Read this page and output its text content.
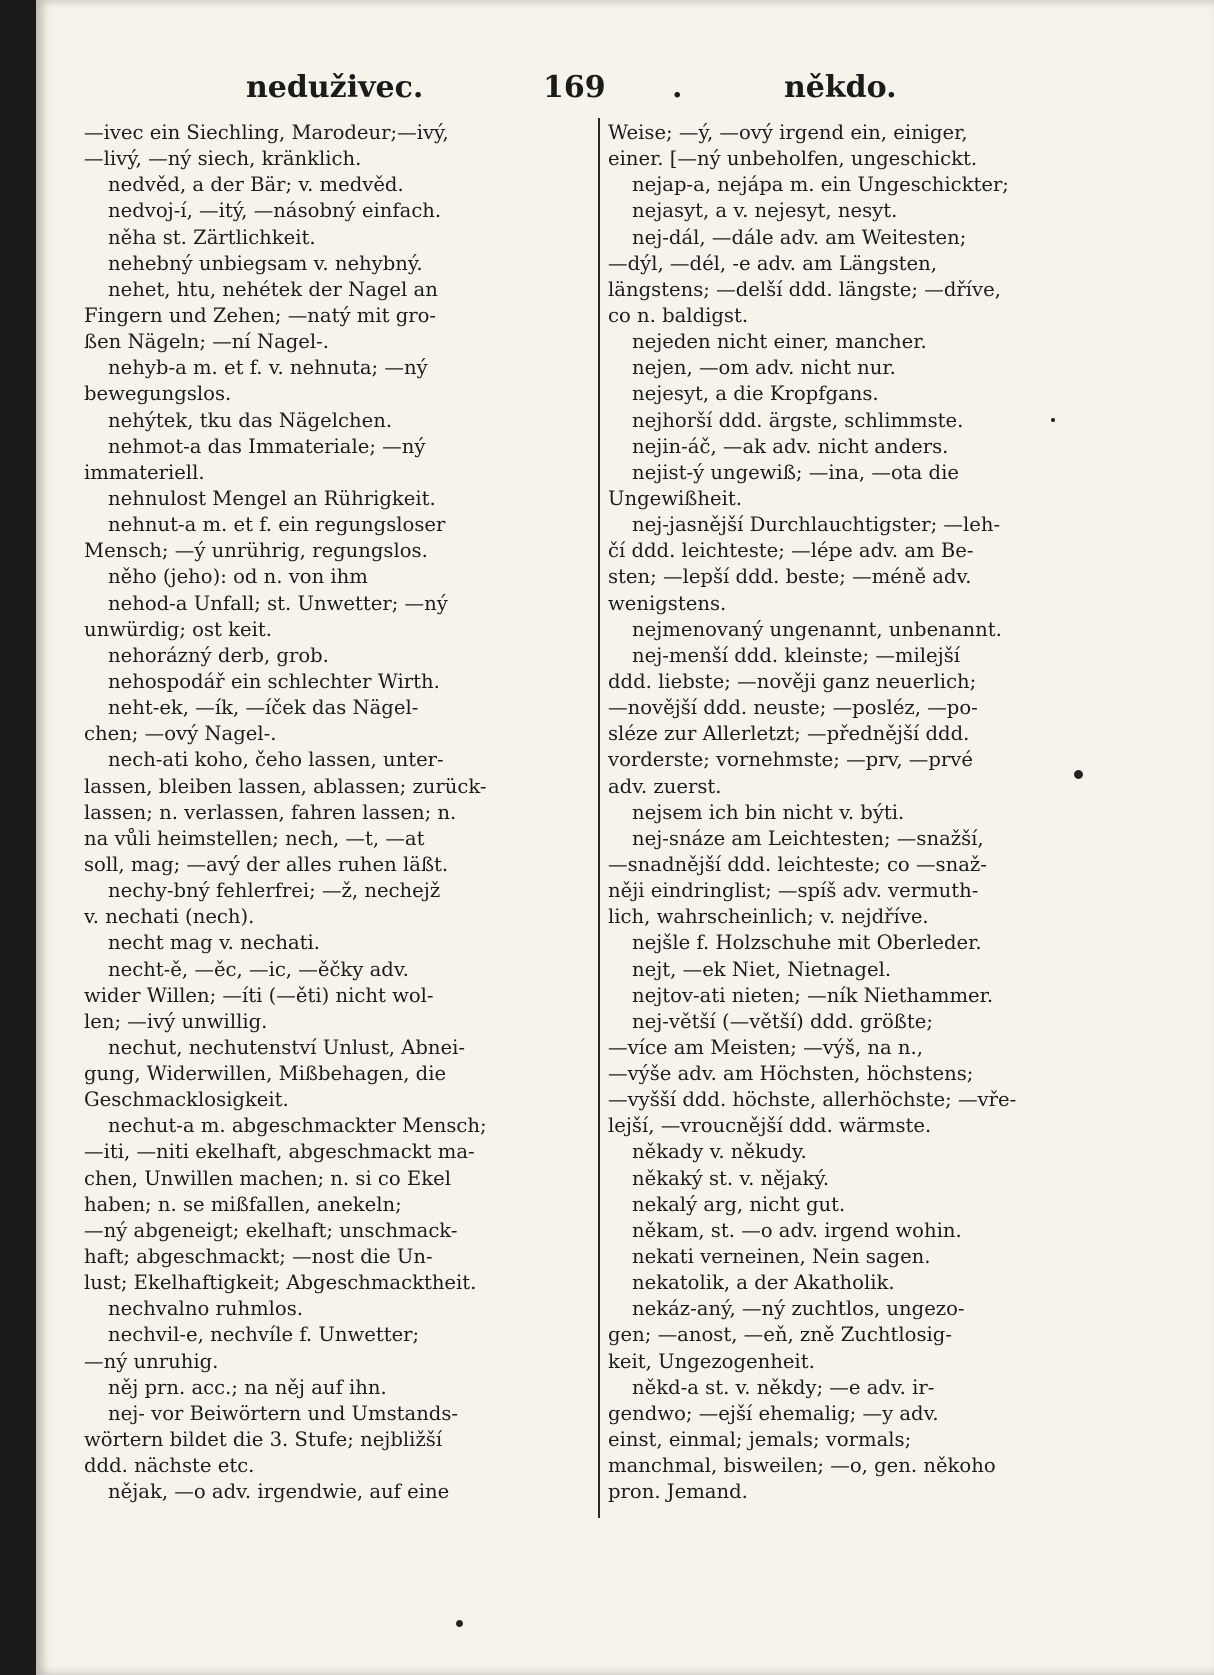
neduživec.	169 .	někdo.
—ivec ein Siechling, Marodeur;—ivý,
—livý, —ný siech, kränklich.
nedvěd, a der Bär; v. medvěd.
nedvoj-í, —itý, —násobný einfach.
něha st. Zärtlichkeit.
nehebný unbiegsam v. nehybný.
nehet, htu, nehétek der Nagel an
Fingern und Zehen; —natý mit gro-
ßen Nägeln; —ní Nagel-.
nehyb-a m. et f. v. nehnuta; —ný
bewegungslos.
nehýtek, tku das Nägelchen.
nehmot-a das Immateriale; —ný
immateriell.
nehnulost Mengel an Rührigkeit.
nehnut-a m. et f. ein regungsloser
Mensch; —ý unrührig, regungslos.
něho (jeho): od n. von ihm
nehod-a Unfall; st. Unwetter; —ný
unwürdig; ost keit.
nehorázný derb, grob.
nehospodář ein schlechter Wirth.
neht-ek, —ík, —íček das Nägel-
chen; —ový Nagel-.
nech-ati koho, čeho lassen, unter-
lassen, bleiben lassen, ablassen; zurück-
lassen; n. verlassen, fahren lassen; n.
na vůli heimstellen; nech, —t, —at
soll, mag; —avý der alles ruhen läßt.
nechy-bný fehlerfrei; —ž, nechejž
v. nechati (nech).
necht mag v. nechati.
necht-ě, —ěc, —ic, —ěčky adv.
wider Willen; —íti (—ěti) nicht wol-
len; —ivý unwillig.
nechut, nechutenství Unlust, Abnei-
gung, Widerwillen, Mißbehagen, die
Geschmacklosigkeit.
nechut-a m. abgeschmackter Mensch;
—iti, —niti ekelhaft, abgeschmackt ma-
chen, Unwillen machen; n. si co Ekel
haben; n. se mißfallen, anekeln;
—ný abgeneigt; ekelhaft; unschmack-
haft; abgeschmackt; —nost die Un-
lust; Ekelhaftigkeit; Abgeschmacktheit.
nechvalno ruhmlos.
nechvil-e, nechvíle f. Unwetter;
—ný unruhig.
něj prn. acc.; na něj auf ihn.
nej- vor Beiwörtern und Umstands-
wörtern bildet die 3. Stufe; nejbližší
ddd. nächste etc.
nějak, —o adv. irgendwie, auf eine
Weise; —ý, —ový irgend ein, einiger,
einer. [—ný unbeholfen, ungeschickt.
nejap-a, nejápa m. ein Ungeschickter;
nejasyt, a v. nejesyt, nesyt.
nej-dál, —dále adv. am Weitesten;
—dýl, —dél, -e adv. am Längsten,
längstens; —delší ddd. längste; —dříve,
co n. baldigst.
nejeden nicht einer, mancher.
nejen, —om adv. nicht nur.
nejesyt, a die Kropfgans.
nejhorší ddd. ärgste, schlimmste.
nejin-áč, —ak adv. nicht anders.
nejist-ý ungewiß; —ina, —ota die
Ungewißheit.
nej-jasnější Durchlauchtigster; —leh-
čí ddd. leichteste; —lépe adv. am Be-
sten; —lepší ddd. beste; —méně adv.
wenigstens.
nejmenovaný ungenannt, unbenannt.
nej-menší ddd. kleinste; —milejší
ddd. liebste; —nověji ganz neuerlich;
—novější ddd. neuste; —posléz, —po-
sléze zur Allerletzt; —přednější ddd.
vorderste; vornehmste; —prv, —prvé
adv. zuerst.
nejsem ich bin nicht v. býti.
nej-snáze am Leichtesten; —snažší,
—snadnější ddd. leichteste; co —snaž-
něji eindringlist; —spíš adv. vermuth-
lich, wahrscheinlich; v. nejdříve.
nejšle f. Holzschuhe mit Oberleder.
nejt, —ek Niet, Nietnagel.
nejtov-ati nieten; —ník Niethammer.
nej-větší (—větší) ddd. größte;
—více am Meisten; —výš, na n.,
—výše adv. am Höchsten, höchstens;
—vyšší ddd. höchste, allerhöchste; —vře-
lejší, —vroucnější ddd. wärmste.
někady v. někudy.
někaký st. v. nějaký.
nekalý arg, nicht gut.
někam, st. —o adv. irgend wohin.
nekati verneinen, Nein sagen.
nekatolik, a der Akatholik.
nekáz-aný, —ný zuchtlos, ungezo-
gen; —anost, —eň, zně Zuchtlosig-
keit, Ungezogenheit.
někd-a st. v. někdy; —e adv. ir-
gendwo; —ejší ehemalig; —y adv.
einst, einmal; jemals; vormals;
manchmal, bisweilen; —o, gen. někoho
pron. Jemand.
